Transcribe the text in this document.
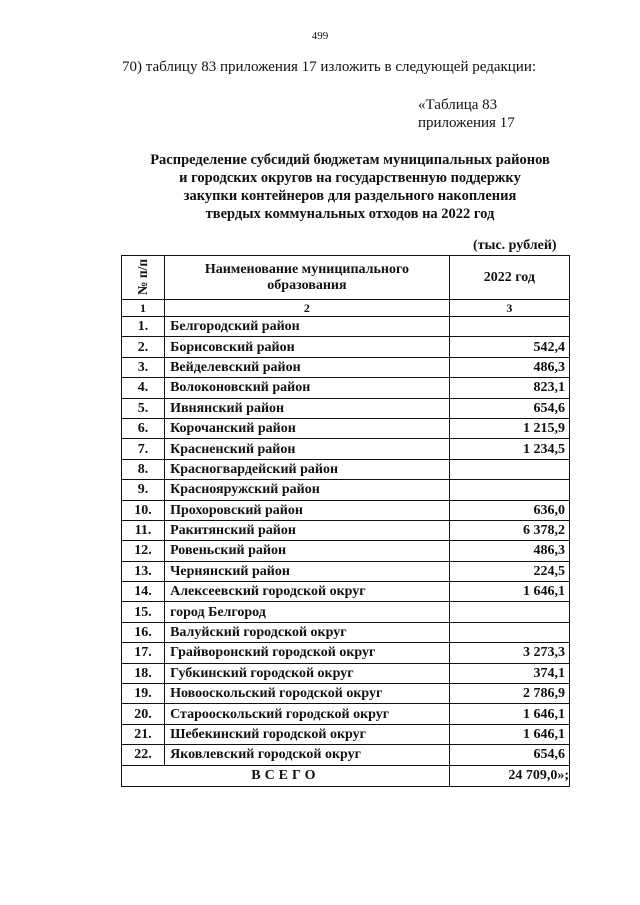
499
70) таблицу 83 приложения 17 изложить в следующей редакции:
«Таблица 83
приложения 17
Распределение субсидий бюджетам муниципальных районов
и городских округов на государственную поддержку
закупки контейнеров для раздельного накопления
твердых коммунальных отходов на 2022 год
(тыс. рублей)
№ п/п	Наименование муниципального образования	2022 год
1	2	3
1.	Белгородский район	
2.	Борисовский район	542,4
3.	Вейделевский район	486,3
4.	Волоконовский район	823,1
5.	Ивнянский район	654,6
6.	Корочанский район	1 215,9
7.	Красненский район	1 234,5
8.	Красногвардейский район	
9.	Краснояружский район	
10.	Прохоровский район	636,0
11.	Ракитянский район	6 378,2
12.	Ровеньский район	486,3
13.	Чернянский район	224,5
14.	Алексеевский городской округ	1 646,1
15.	город Белгород	
16.	Валуйский городской округ	
17.	Грайворонский городской округ	3 273,3
18.	Губкинский городской округ	374,1
19.	Новооскольский городской округ	2 786,9
20.	Старооскольский городской округ	1 646,1
21.	Шебекинский городской округ	1 646,1
22.	Яковлевский городской округ	654,6
ВСЕГО		24 709,0»;
